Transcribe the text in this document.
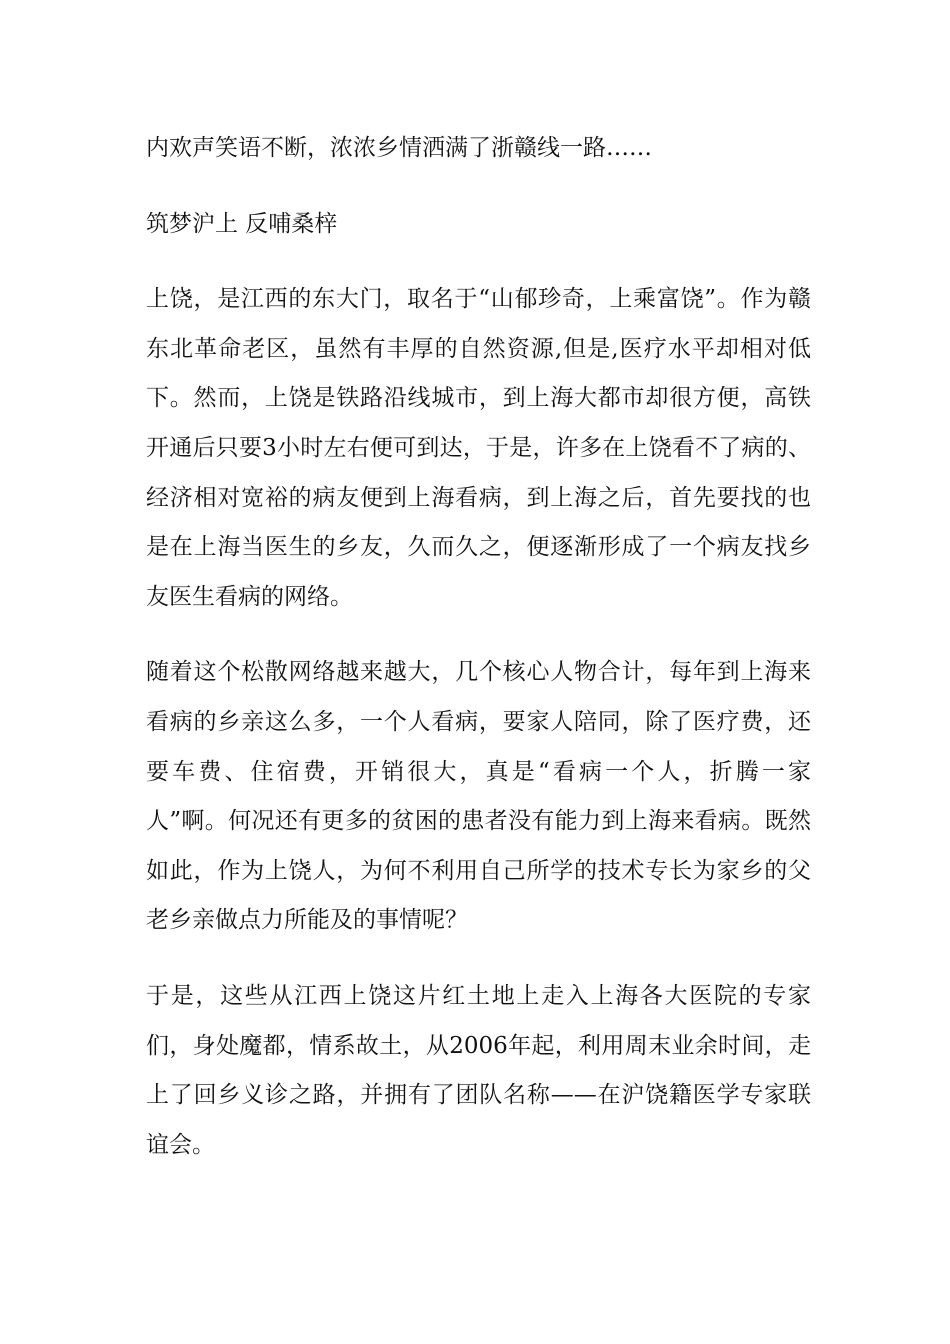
内欢声笑语不断，浓浓乡情洒满了浙赣线一路……

筑梦沪上 反哺桑梓

上饶，是江西的东大门，取名于“山郁珍奇，上乘富饶”。作为赣东北革命老区，虽然有丰厚的自然资源,但是,医疗水平却相对低下。然而，上饶是铁路沿线城市，到上海大都市却很方便，高铁开通后只要3小时左右便可到达，于是，许多在上饶看不了病的、经济相对宽裕的病友便到上海看病，到上海之后，首先要找的也是在上海当医生的乡友，久而久之，便逐渐形成了一个病友找乡友医生看病的网络。

随着这个松散网络越来越大，几个核心人物合计，每年到上海来看病的乡亲这么多，一个人看病，要家人陪同，除了医疗费，还要车费、住宿费，开销很大，真是“看病一个人，折腾一家人”啊。何况还有更多的贫困的患者没有能力到上海来看病。既然如此，作为上饶人，为何不利用自己所学的技术专长为家乡的父老乡亲做点力所能及的事情呢？

于是，这些从江西上饶这片红土地上走入上海各大医院的专家们，身处魔都，情系故土，从2006年起，利用周末业余时间，走上了回乡义诊之路，并拥有了团队名称——在沪饶籍医学专家联谊会。
